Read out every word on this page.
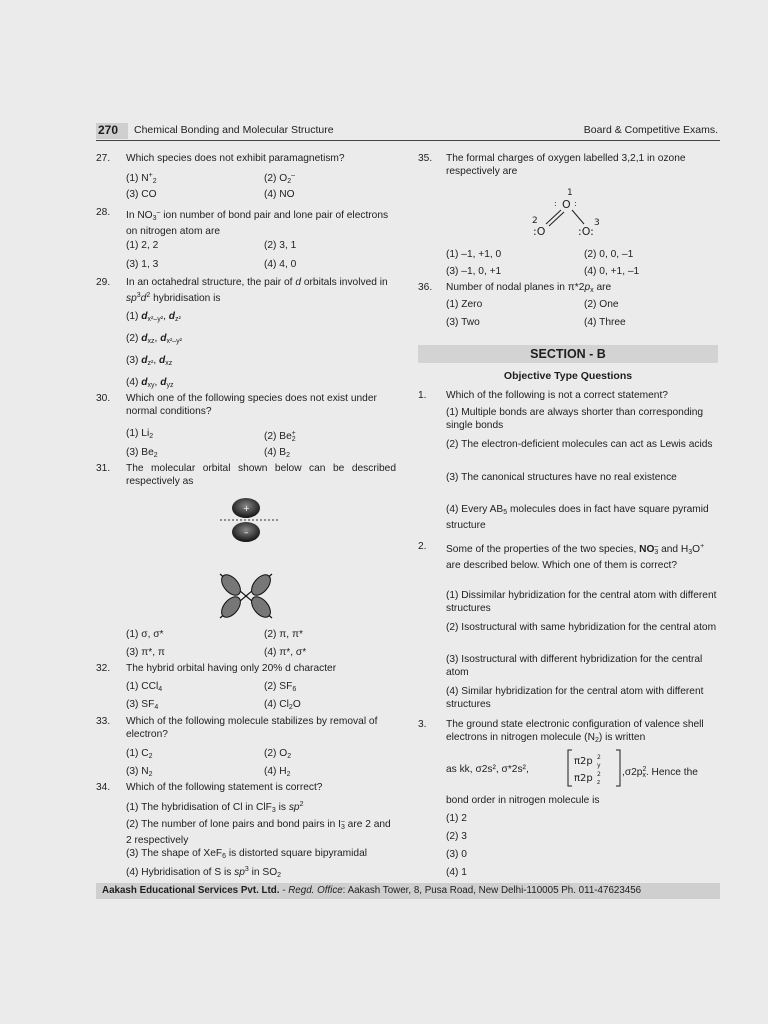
270 Chemical Bonding and Molecular Structure	Board & Competitive Exams.
27.	Which species does not exhibit paramagnetism?
(1) $N^+_2$	(2) $O_2^-$
(3) CO	(4) NO
28.	In $NO_3^-$ ion number of bond pair and lone pair of electrons on nitrogen atom are
(1) 2, 2	(2) 3, 1
(3) 1, 3	(4) 4, 0
29.	In an octahedral structure, the pair of d orbitals involved in $sp^3d^2$ hybridisation is
(1) $d_{x^2-y^2}$, $d_{z^2}$
(2) $d_{xz}$, $d_{x^2-y^2}$
(3) $d_{z^2}$, $d_{xz}$
(4) $d_{xy}$, $d_{yz}$
30.	Which one of the following species does not exist under normal conditions?
(1) $Li_2$	(2) $Be_2^+$
(3) $Be_2$	(4) $B_2$
31.	The molecular orbital shown below can be described respectively as
+
–
(1) σ, σ*	(2) π, π*
(3) π*, π	(4) π*, σ*
32.	The hybrid orbital having only 20% d character
(1) CCl$_4$	(2) $SF_6$
(3) $SF_4$	(4) $Cl_2O$
33.	Which of the following molecule stabilizes by removal of electron?
(1) $C_2$	(2) $O_2$
(3) $N_2$	(4) $H_2$
34.	Which of the following statement is correct?
(1) The hybridisation of Cl in ClF$_3$ is $sp^2$
(2) The number of lone pairs and bond pairs in $I_3^-$ are 2 and 2 respectively
(3) The shape of XeF$_6$ is distorted square bipyramidal
(4) Hybridisation of S is $sp^3$ in $SO_2$
35.	The formal charges of oxygen labelled 3,2,1 in ozone respectively are
1
O
: :
2
:O
3
:O:
(1) –1, +1, 0	(2) 0, 0, –1
(3) –1, 0, +1	(4) 0, +1, –1
36.	Number of nodal planes in $\pi*2p_x$ are
(1) Zero	(2) One
(3) Two	(4) Three
SECTION - B
Objective Type Questions
1.	Which of the following is not a correct statement?
(1) Multiple bonds are always shorter than corresponding single bonds
(2) The electron-deficient molecules can act as Lewis acids
(3) The canonical structures have no real existence
(4) Every $AB_5$ molecules does in fact have square pyramid structure
2.	Some of the properties of the two species, $NO_3^-$ and $H_3O^+$ are described below. Which one of them is correct?
(1) Dissimilar hybridization for the central atom with different structures
(2) Isostructural with same hybridization for the central atom
(3) Isostructural with different hybridization for the central atom
(4) Similar hybridization for the central atom with different structures
3.	The ground state electronic configuration of valence shell electrons in nitrogen molecule $(N_2)$ is written
as kk, σ2s², σ*2s²,
π2p 2
y
π2p 2
z
$,\sigma 2p^2_x$. Hence the
bond order in nitrogen molecule is
(1) 2
(2) 3
(3) 0
(4) 1
Aakash Educational Services Pvt. Ltd. - Regd. Office: Aakash Tower, 8, Pusa Road, New Delhi-110005 Ph. 011-47623456
